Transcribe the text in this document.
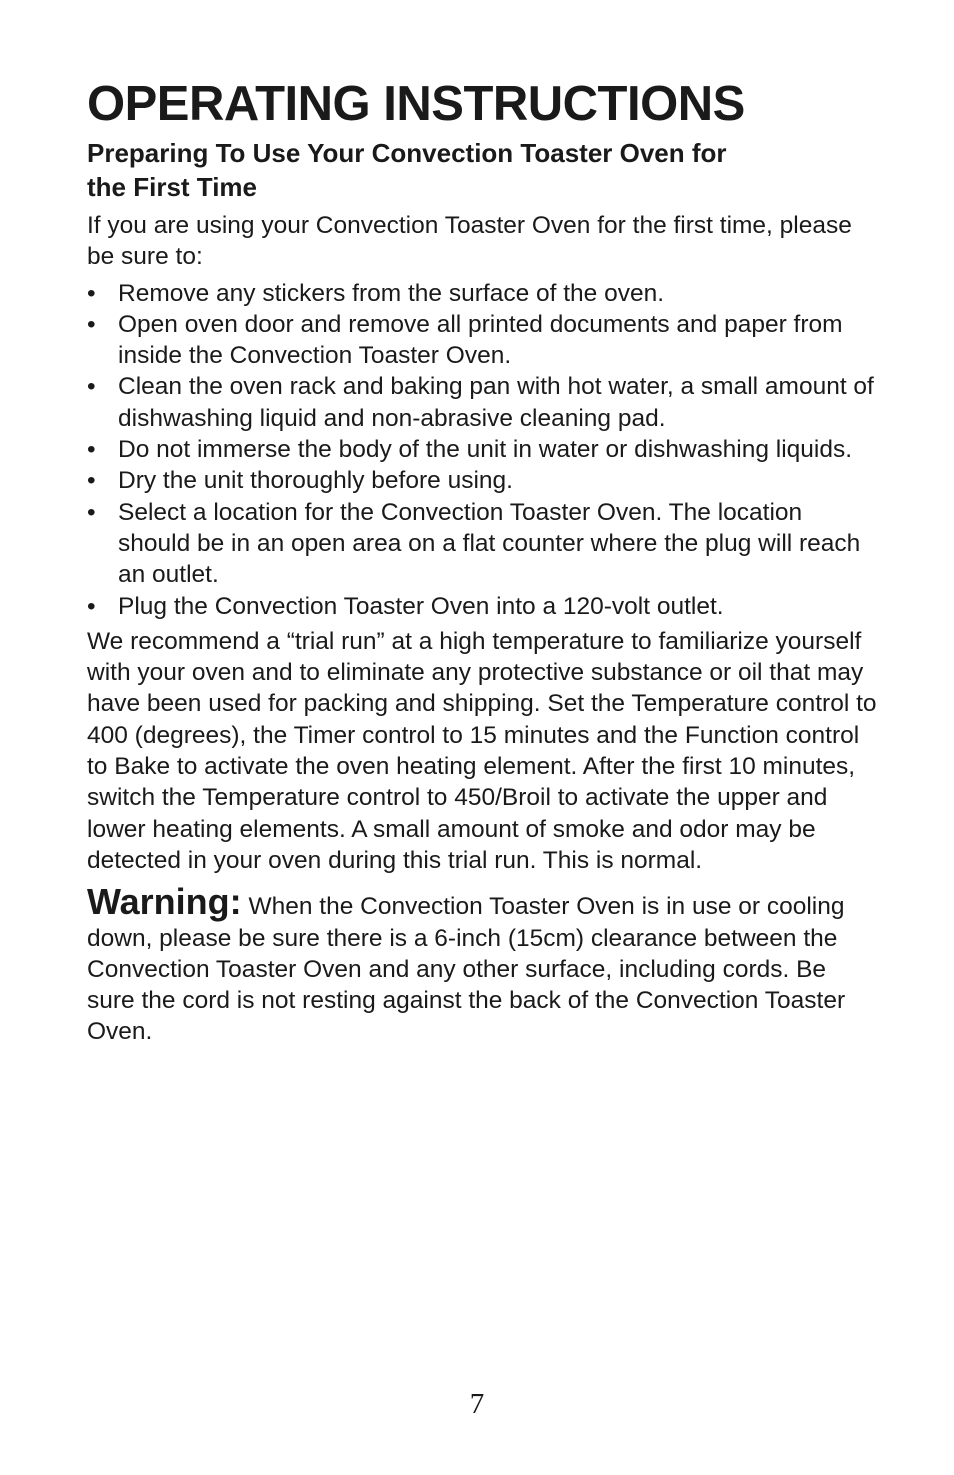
OPERATING INSTRUCTIONS
Preparing To Use Your Convection Toaster Oven for the First Time

If you are using your Convection Toaster Oven for the first time, please be sure to:

• Remove any stickers from the surface of the oven.
• Open oven door and remove all printed documents and paper from inside the Convection Toaster Oven.
• Clean the oven rack and baking pan with hot water, a small amount of dishwashing liquid and non-abrasive cleaning pad.
• Do not immerse the body of the unit in water or dishwashing liquids.
• Dry the unit thoroughly before using.
• Select a location for the Convection Toaster Oven. The location should be in an open area on a flat counter where the plug will reach an outlet.
• Plug the Convection Toaster Oven into a 120-volt outlet.

We recommend a “trial run” at a high temperature to familiarize yourself with your oven and to eliminate any protective substance or oil that may have been used for packing and shipping. Set the Temperature control to 400 (degrees), the Timer control to 15 minutes and the Function control to Bake to activate the oven heating element. After the first 10 minutes, switch the Temperature control to 450/Broil to activate the upper and lower heating elements. A small amount of smoke and odor may be detected in your oven during this trial run. This is normal.

Warning: When the Convection Toaster Oven is in use or cooling down, please be sure there is a 6-inch (15cm) clearance between the Convection Toaster Oven and any other surface, including cords. Be sure the cord is not resting against the back of the Convection Toaster Oven.

7
